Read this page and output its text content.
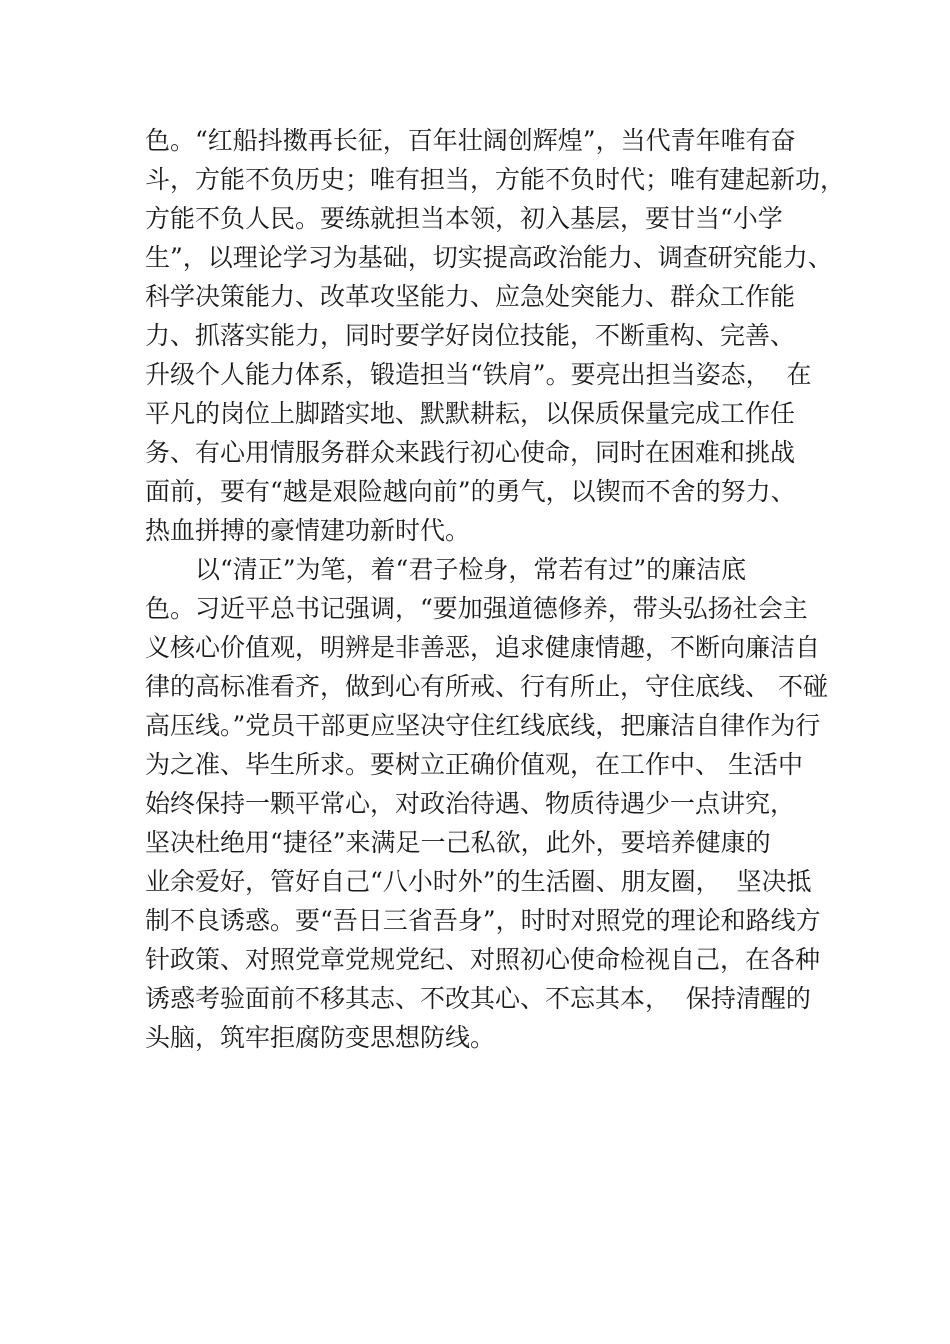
色。“红船抖擞再长征，百年壮阔创辉煌”，当代青年唯有奋
斗，方能不负历史；唯有担当，方能不负时代；唯有建起新功，
方能不负人民。要练就担当本领，初入基层，要甘当“小学
生”，以理论学习为基础，切实提高政治能力、调查研究能力、
科学决策能力、改革攻坚能力、应急处突能力、群众工作能
力、抓落实能力，同时要学好岗位技能，不断重构、完善、
升级个人能力体系，锻造担当“铁肩”。要亮出担当姿态，  在
平凡的岗位上脚踏实地、默默耕耘，以保质保量完成工作任
务、有心用情服务群众来践行初心使命，同时在困难和挑战
面前，要有“越是艰险越向前”的勇气，以锲而不舍的努力、
热血拼搏的豪情建功新时代。
以“清正”为笔，着“君子检身，常若有过”的廉洁底
色。习近平总书记强调，“要加强道德修养，带头弘扬社会主
义核心价值观，明辨是非善恶，追求健康情趣，不断向廉洁自
律的高标准看齐，做到心有所戒、行有所止，守住底线、 不碰
高压线。”党员干部更应坚决守住红线底线，把廉洁自律作为行
为之准、毕生所求。要树立正确价值观，在工作中、 生活中
始终保持一颗平常心，对政治待遇、物质待遇少一点讲究，
坚决杜绝用“捷径”来满足一己私欲，此外，要培养健康的
业余爱好，管好自己“八小时外”的生活圈、朋友圈，  坚决抵
制不良诱惑。要“吾日三省吾身”，时时对照党的理论和路线方
针政策、对照党章党规党纪、对照初心使命检视自己，在各种
诱惑考验面前不移其志、不改其心、不忘其本，  保持清醒的
头脑，筑牢拒腐防变思想防线。
